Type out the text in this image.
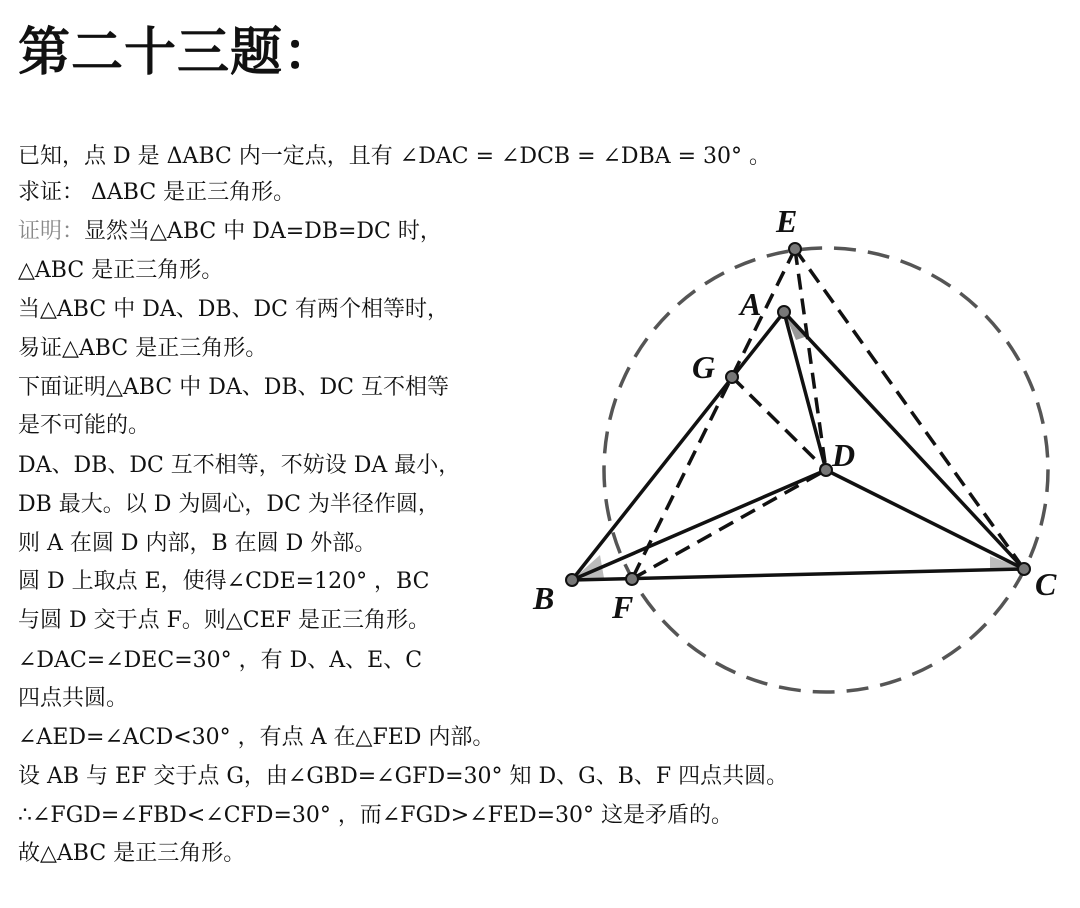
第二十三题：
已知，点 D 是 ΔABC 内一定点，且有 ∠DAC = ∠DCB = ∠DBA = 30° 。
求证： ΔABC 是正三角形。
证明：显然当△ABC 中 DA=DB=DC 时，
△ABC 是正三角形。
当△ABC 中 DA、DB、DC 有两个相等时，
易证△ABC 是正三角形。
下面证明△ABC 中 DA、DB、DC 互不相等
是不可能的。
DA、DB、DC 互不相等，不妨设 DA 最小，
DB 最大。以 D 为圆心，DC 为半径作圆，
则 A 在圆 D 内部，B 在圆 D 外部。
圆 D 上取点 E，使得∠CDE=120° ，BC
与圆 D 交于点 F。则△CEF 是正三角形。
∠DAC=∠DEC=30° ，有 D、A、E、C
四点共圆。
∠AED=∠ACD<30° ，有点 A 在△FED 内部。
设 AB 与 EF 交于点 G，由∠GBD=∠GFD=30° 知 D、G、B、F 四点共圆。
∴∠FGD=∠FBD<∠CFD=30° ，而∠FGD>∠FED=30° 这是矛盾的。
故△ABC 是正三角形。
E
A
G
D
B F
C
